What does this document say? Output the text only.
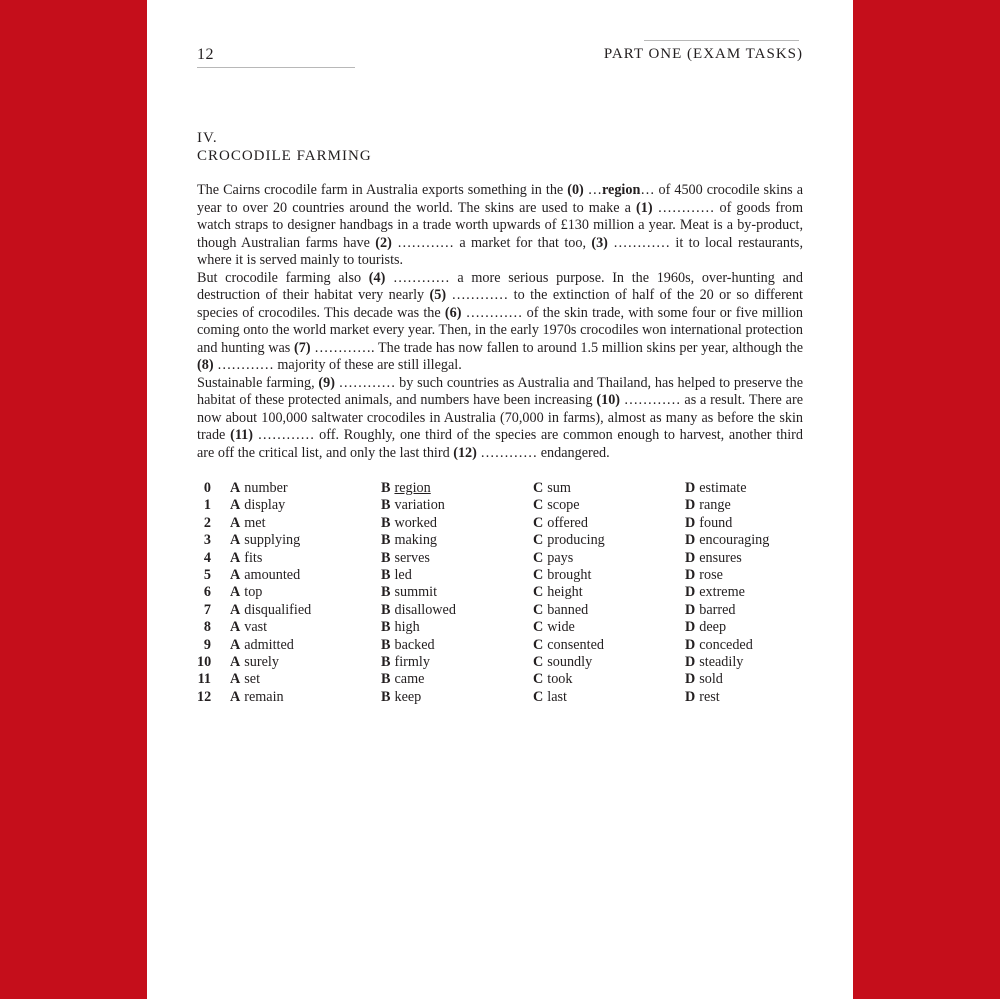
12	PART ONE (EXAM TASKS)
IV.
CROCODILE FARMING

The Cairns crocodile farm in Australia exports something in the (0) …region… of 4500 crocodile skins a year to over 20 countries around the world. The skins are used to make a (1) ………… of goods from watch straps to designer handbags in a trade worth upwards of £130 million a year. Meat is a by-product, though Australian farms have (2) ………… a market for that too, (3) ………… it to local restaurants, where it is served mainly to tourists.

But crocodile farming also (4) ………… a more serious purpose. In the 1960s, over-hunting and destruction of their habitat very nearly (5) ………… to the extinction of half of the 20 or so different species of crocodiles. This decade was the (6) ………… of the skin trade, with some four or five million coming onto the world market every year. Then, in the early 1970s crocodiles won international protection and hunting was (7) …………. The trade has now fallen to around 1.5 million skins per year, although the (8) ………… majority of these are still illegal.

Sustainable farming, (9) ………… by such countries as Australia and Thailand, has helped to preserve the habitat of these protected animals, and numbers have been increasing (10) ………… as a result. There are now about 100,000 saltwater crocodiles in Australia (70,000 in farms), almost as many as before the skin trade (11) ………… off. Roughly, one third of the species are common enough to harvest, another third are off the critical list, and only the last third (12) ………… endangered.

0 A number	B region	C sum	D estimate
1 A display	B variation	C scope	D range
2 A met	B worked	C offered	D found
3 A supplying	B making	C producing	D encouraging
4 A fits	B serves	C pays	D ensures
5 A amounted	B led	C brought	D rose
6 A top	B summit	C height	D extreme
7 A disqualified	B disallowed	C banned	D barred
8 A vast	B high	C wide	D deep
9 A admitted	B backed	C consented	D conceded
10 A surely	B firmly	C soundly	D steadily
11 A set	B came	C took	D sold
12 A remain	B keep	C last	D rest
